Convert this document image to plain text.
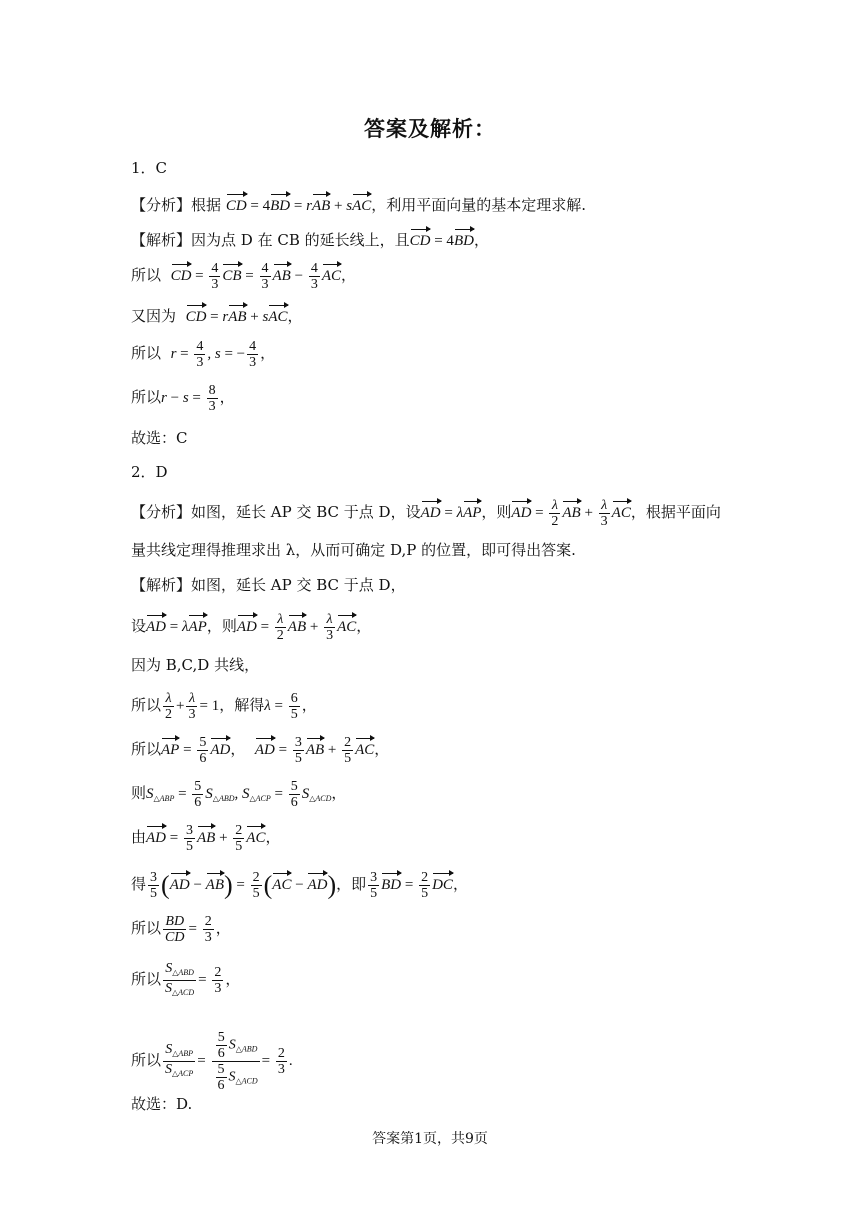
答案及解析：
1．C
【分析】根据 CD = 4BD = rAB + sAC，利用平面向量的基本定理求解.
【解析】因为点 D 在 CB 的延长线上，且CD = 4BD，
所以 CD = $\frac{4}{3}$ CB = $\frac{4}{3}$ AB − $\frac{4}{3}$ AC，
又因为 CD = rAB + sAC，
所以 $r = \frac{4}{3}$ , s = − $\frac{4}{3}$ ，
所以$r - s = \frac{8}{3}$ ，
故选：C
2．D
【分析】如图，延长 AP 交 BC 于点 D，设AD = λAP，则AD = $\frac{\lambda}{2}$ AB + $\frac{\lambda}{3}$ AC，根据平面向
量共线定理得推理求出 λ，从而可确定 D,P 的位置，即可得出答案.
【解析】如图，延长 AP 交 BC 于点 D，
设AD = λAP，则AD = $\frac{\lambda}{2}$ AB + $\frac{\lambda}{3}$ AC，
因为 B,C,D 共线，
所以 $\frac{\lambda}{2} + \frac{\lambda}{3} = 1$，解得$\lambda = \frac{6}{5}$ ，
所以AP = $\frac{5}{6}$ AD，  AD = $\frac{3}{5}$ AB + $\frac{2}{5}$ AC，
则$S_{\triangle ABP} = \frac{5}{6} S_{\triangle ABD}$, $S_{\triangle ACP} = \frac{5}{6} S_{\triangle ACD}$，
由AD = $\frac{3}{5}$ AB + $\frac{2}{5}$ AC，
得 $\frac{3}{5} (AD - AB) = \frac{2}{5} (AC - AD)$，即 $\frac{3}{5}$ BD = $\frac{2}{5}$ DC，
所以 $\frac{BD}{CD} = \frac{2}{3}$ ，
所以 $\frac{S_{\triangle ABD}}{S_{\triangle ACD}} = \frac{2}{3}$ ，
所以 $\frac{S_{\triangle ABP}}{S_{\triangle ACP}} = \frac{\frac{5}{6} S_{\triangle ABD}}{\frac{5}{6} S_{\triangle ACD}} = \frac{2}{3}$ .
故选：D.
答案第1页，共9页
